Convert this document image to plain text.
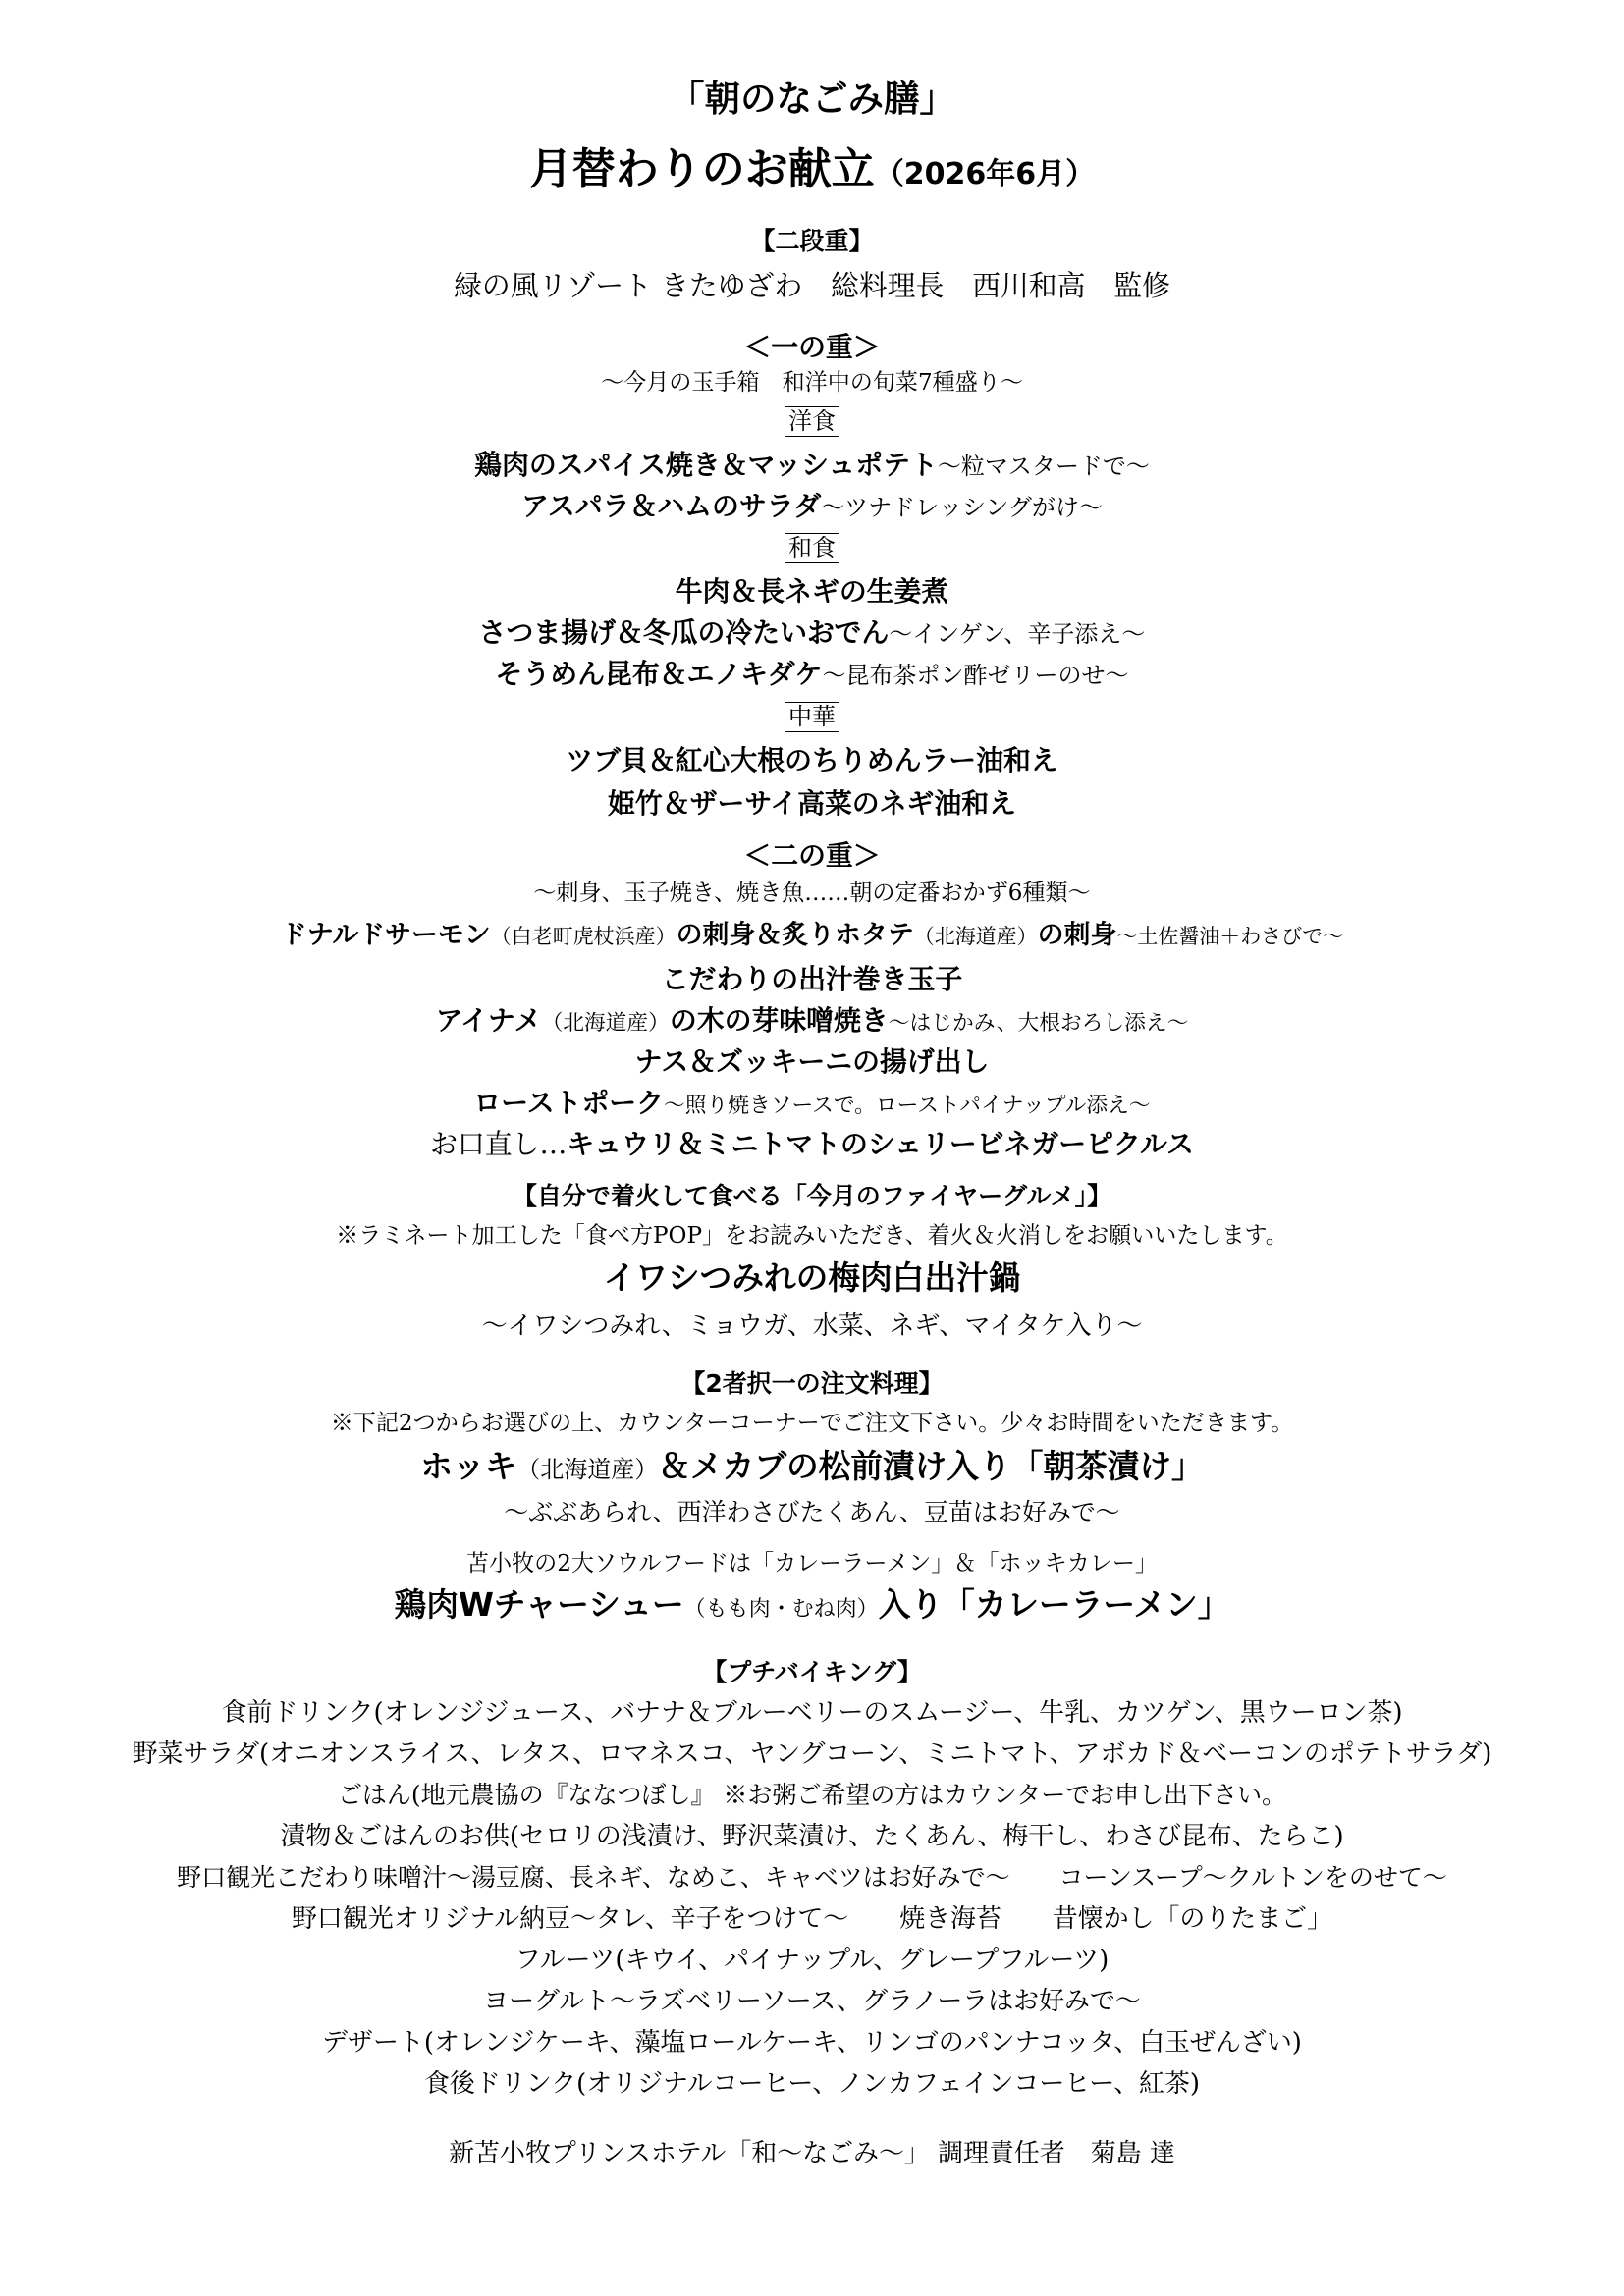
「朝のなごみ膳」
月替わりのお献立（2026年6月）
【二段重】
緑の風リゾート きたゆざわ　総料理長　西川和高　監修
＜一の重＞
～今月の玉手箱　和洋中の旬菜7種盛り～
洋食
鶏肉のスパイス焼き＆マッシュポテト～粒マスタードで～
アスパラ＆ハムのサラダ～ツナドレッシングがけ～
和食
牛肉＆長ネギの生姜煮
さつま揚げ＆冬瓜の冷たいおでん～インゲン、辛子添え～
そうめん昆布＆エノキダケ～昆布茶ポン酢ゼリーのせ～
中華
ツブ貝＆紅心大根のちりめんラー油和え
姫竹＆ザーサイ高菜のネギ油和え
＜二の重＞
～刺身、玉子焼き、焼き魚……朝の定番おかず6種類～
ドナルドサーモン（白老町虎杖浜産）の刺身＆炙りホタテ（北海道産）の刺身～土佐醤油＋わさびで～
こだわりの出汁巻き玉子
アイナメ（北海道産）の木の芽味噌焼き～はじかみ、大根おろし添え～
ナス＆ズッキーニの揚げ出し
ローストポーク～照り焼きソースで。ローストパイナップル添え～
お口直し…キュウリ＆ミニトマトのシェリービネガーピクルス
【自分で着火して食べる「今月のファイヤーグルメ」】
※ラミネート加工した「食べ方POP」をお読みいただき、着火＆火消しをお願いいたします。
イワシつみれの梅肉白出汁鍋
～イワシつみれ、ミョウガ、水菜、ネギ、マイタケ入り～
【2者択一の注文料理】
※下記2つからお選びの上、カウンターコーナーでご注文下さい。少々お時間をいただきます。
ホッキ（北海道産）＆メカブの松前漬け入り「朝茶漬け」
～ぶぶあられ、西洋わさびたくあん、豆苗はお好みで～
苫小牧の2大ソウルフードは「カレーラーメン」＆「ホッキカレー」
鶏肉Wチャーシュー（もも肉・むね肉）入り「カレーラーメン」
【プチバイキング】
食前ドリンク(オレンジジュース、バナナ＆ブルーベリーのスムージー、牛乳、カツゲン、黒ウーロン茶)
野菜サラダ(オニオンスライス、レタス、ロマネスコ、ヤングコーン、ミニトマト、アボカド＆ベーコンのポテトサラダ)
ごはん(地元農協の『ななつぼし』 ※お粥ご希望の方はカウンターでお申し出下さい。
漬物＆ごはんのお供(セロリの浅漬け、野沢菜漬け、たくあん、梅干し、わさび昆布、たらこ)
野口観光こだわり味噌汁～湯豆腐、長ネギ、なめこ、キャベツはお好みで～　　コーンスープ～クルトンをのせて～
野口観光オリジナル納豆～タレ、辛子をつけて～　　焼き海苔　　昔懐かし「のりたまご」
フルーツ(キウイ、パイナップル、グレープフルーツ)
ヨーグルト～ラズベリーソース、グラノーラはお好みで～
デザート(オレンジケーキ、藻塩ロールケーキ、リンゴのパンナコッタ、白玉ぜんざい)
食後ドリンク(オリジナルコーヒー、ノンカフェインコーヒー、紅茶)
新苫小牧プリンスホテル「和～なごみ～」 調理責任者　菊島 達
